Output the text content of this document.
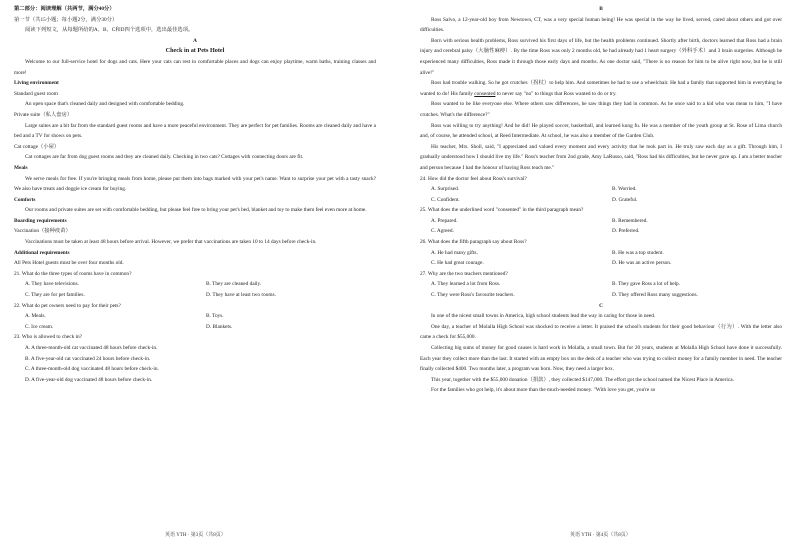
第二部分：阅读理解（共两节，满分40分）

第一节（共15小题；每小题2分，满分30分）

阅读下列短文，从每题所给的A、B、C和D四个选项中，选出最佳选项。

A

Check in at Pets Hotel

Welcome to our full-service hotel for dogs and cats. Here your cats can rest in comfortable places and dogs can enjoy playtime, warm baths, training classes and more!

Living environment

Standard guest room

An open space that's cleaned daily and designed with comfortable bedding.

Private suite（私人套房）

Large suites are a bit far from the standard guest rooms and have a more peaceful environment. They are perfect for pet families. Rooms are cleaned daily and have a bed and a TV for shows on pets.

Cat cottage（小屋）

Cat cottages are far from dog guest rooms and they are cleaned daily. Checking in two cats? Cottages with connecting doors are fit.

Meals

We serve meals for free. If you're bringing meals from home, please put them into bags marked with your pet's name. Want to surprise your pet with a tasty snack? We also have treats and doggie ice cream for buying.

Comforts

Our rooms and private suites are set with comfortable bedding, but please feel free to bring your pet's bed, blanket and toy to make them feel even more at home.

Boarding requirements

Vaccination（接种疫苗）

Vaccinations must be taken at least 48 hours before arrival. However, we prefer that vaccinations are taken 10 to 14 days before check-in.

Additional requirements

All Pets Hotel guests must be over four months old.

21. What do the three types of rooms have in common?

A. They have televisions.	B. They are cleaned daily.
C. They are for pet families.	D. They have at least two rooms.

22. What do pet owners need to pay for their pets?

A. Meals.	B. Toys.
C. Ice cream.	D. Blankets.

23. Who is allowed to check in?

A. A three-month-old cat vaccinated 48 hours before check-in.
B. A five-year-old cat vaccinated 24 hours before check-in.
C. A three-month-old dog vaccinated 48 hours before check-in.
D. A five-year-old dog vaccinated 48 hours before check-in.

B

Ross Salvo, a 12-year-old boy from Newtown, CT, was a very special human being! He was special in the way he lived, served, cared about others and got over difficulties.

Born with serious health problems, Ross survived his first days of life, but the health problems continued. Shortly after birth, doctors learned that Ross had a brain injury and cerebral palsy（大脑性麻痹）. By the time Ross was only 2 months old, he had already had 1 heart surgery（外科手术）and 3 brain surgeries. Although he experienced many difficulties, Ross made it through those early days and months. As one doctor said, "There is no reason for him to be alive right now, but he is still alive!"

Ross had trouble walking. So he got crutches（拐杖）to help him. And sometimes he had to use a wheelchair. He had a family that supported him in everything he wanted to do! His family consented to never say "no" to things that Ross wanted to do or try.

Ross wanted to be like everyone else. Where others saw differences, he saw things they had in common. As he once said to a kid who was mean to him, "I have crutches. What's the difference?"

Ross was willing to try anything! And he did! He played soccer, basketball, and learned kung fu. He was a member of the youth group at St. Rose of Lima church and, of course, he attended school, at Reed Intermediate. At school, he was also a member of the Garden Club.

His teacher, Mrs. Sholl, said, "I appreciated and valued every moment and every activity that he took part in. He truly saw each day as a gift. Through him, I gradually understood how I should live my life." Ross's teacher from 2nd grade, Amy LaRusso, said, "Ross had his difficulties, but he never gave up. I am a better teacher and person because I had the honour of having Ross teach me."

24. How did the doctor feel about Ross's survival?

A. Surprised.	B. Worried.
C. Confident.	D. Grateful.

25. What does the underlined word "consented" in the third paragraph mean?

A. Prepared.	B. Remembered.
C. Agreed.	D. Preferred.

26. What does the fifth paragraph say about Ross?

A. He had many gifts.	B. He was a top student.
C. He had great courage.	D. He was an active person.

27. Why are the two teachers mentioned?

A. They learned a lot from Ross.	B. They gave Ross a lot of help.
C. They were Ross's favourite teachers.	D. They offered Ross many suggestions.

C

In one of the nicest small towns in America, high school students lead the way in caring for those in need.

One day, a teacher of Molalla High School was shocked to receive a letter. It praised the school's students for their good behaviour（行为）. With the letter also came a check for $55,000.

Collecting big sums of money for good causes is hard work in Molalla, a small town. But for 20 years, students at Molalla High School have done it successfully. Each year they collect more than the last. It started with an empty box on the desk of a teacher who was trying to collect money for a family member in need. The teacher finally collected $400. Two months later, a program was born. Now, they need a larger box.

This year, together with the $55,000 donation（捐款）, they collected $147,000. The effort got the school named the Nicest Place in America.

For the families who got help, it's about more than the much-needed money. "With love you get, you're so

英语 YTH · 第3页（共8页）	英语 YTH · 第4页（共8页）
